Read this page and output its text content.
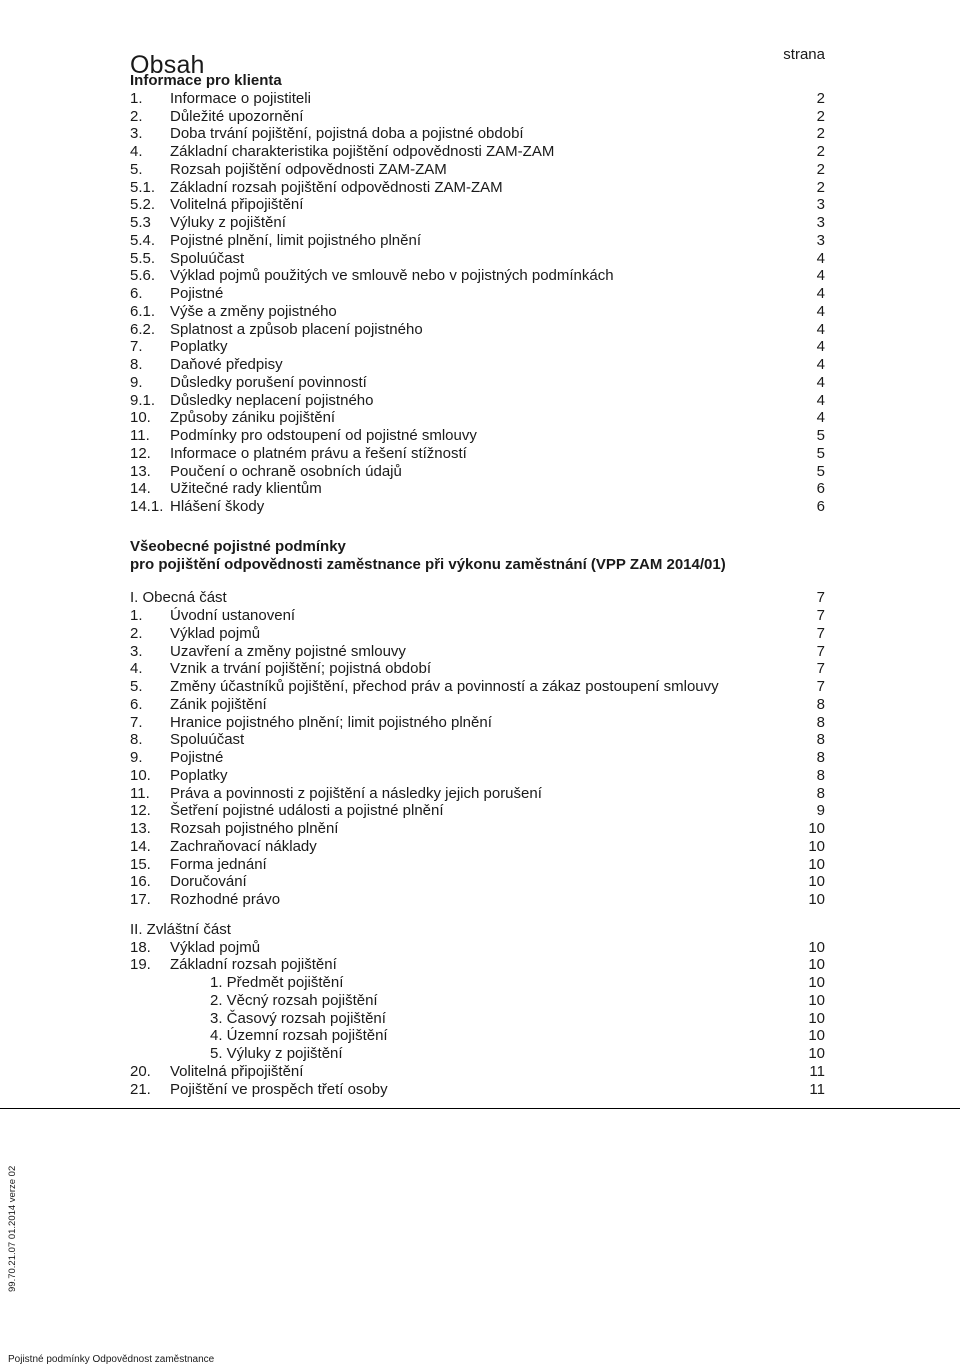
Obsah	strana
Informace pro klienta
1.	Informace o pojistiteli	2
2.	Důležité upozornění	2
3.	Doba trvání pojištění, pojistná doba a pojistné období	2
4.	Základní charakteristika pojištění odpovědnosti ZAM-ZAM	2
5.	Rozsah pojištění odpovědnosti ZAM-ZAM	2
5.1. Základní rozsah pojištění odpovědnosti ZAM-ZAM	2
5.2. Volitelná připojištění	3
5.3	Výluky z pojištění	3
5.4. Pojistné plnění, limit pojistného plnění	3
5.5. Spoluúčast	4
5.6. Výklad pojmů použitých ve smlouvě nebo v pojistných podmínkách	4
6.	Pojistné	4
6.1. Výše a změny pojistného	4
6.2. Splatnost a způsob placení pojistného	4
7.	Poplatky	4
8.	Daňové předpisy	4
9.	Důsledky porušení povinností	4
9.1. Důsledky neplacení pojistného	4
10.	Způsoby zániku pojištění	4
11.	Podmínky pro odstoupení od pojistné smlouvy	5
12.	Informace o platném právu a řešení stížností	5
13.	Poučení o ochraně osobních údajů	5
14.	Užitečné rady klientům	6
14.1. Hlášení škody	6
Všeobecné pojistné podmínky
pro pojištění odpovědnosti zaměstnance při výkonu zaměstnání (VPP ZAM 2014/01)
I. Obecná část	7
1.	Úvodní ustanovení	7
2.	Výklad pojmů	7
3.	Uzavření a změny pojistné smlouvy	7
4.	Vznik a trvání pojištění; pojistná období	7
5.	Změny účastníků pojištění, přechod práv a povinností a zákaz postoupení smlouvy	7
6.	Zánik pojištění	8
7.	Hranice pojistného plnění; limit pojistného plnění	8
8.	Spoluúčast	8
9.	Pojistné	8
10.	Poplatky	8
11.	Práva a povinnosti z pojištění a následky jejich porušení	8
12.	Šetření pojistné události a pojistné plnění	9
13.	Rozsah pojistného plnění	10
14.	Zachraňovací náklady	10
15.	Forma jednání	10
16.	Doručování	10
17.	Rozhodné právo	10
II. Zvláštní část
18.	Výklad pojmů	10
19.	Základní rozsah pojištění	10
1. Předmět pojištění	10
2. Věcný rozsah pojištění	10
3. Časový rozsah pojištění	10
4. Územní rozsah pojištění	10
5. Výluky z pojištění	10
20.	Volitelná připojištění	11
21.	Pojištění ve prospěch třetí osoby	11
99.70.21.07 01.2014 verze 02
Pojistné podmínky Odpovědnost zaměstnance
